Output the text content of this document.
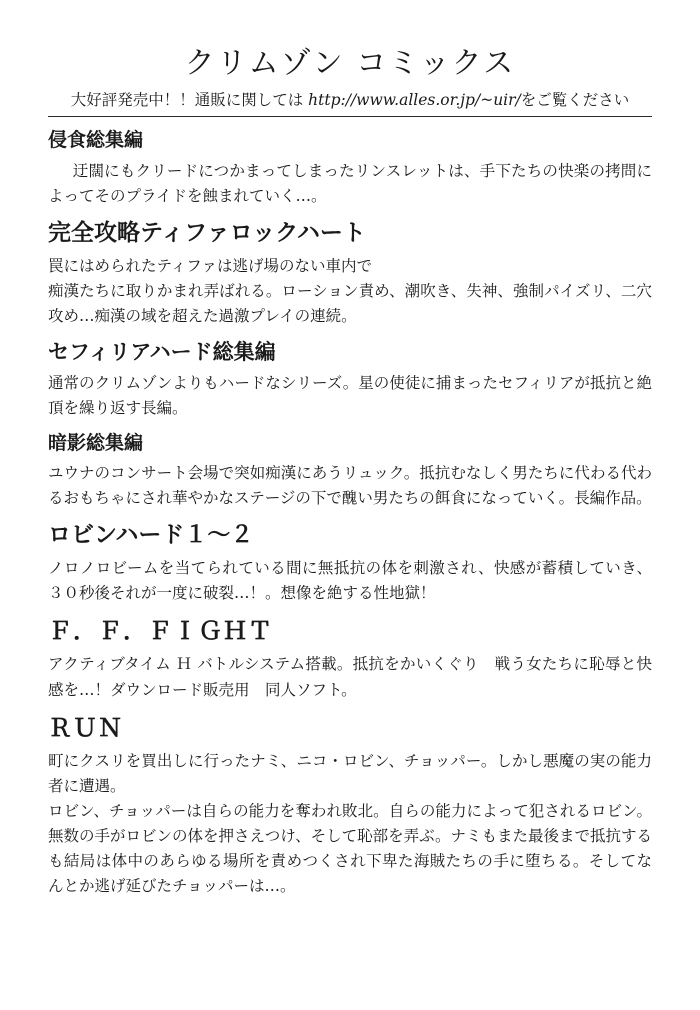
クリムゾン コミックス
大好評発売中！！通販に関しては http://www.alles.or.jp/~uir/をご覧ください
侵食総集編

迂闊にもクリードにつかまってしまったリンスレットは、手下たちの快楽の拷問によってそのプライドを蝕まれていく…。

完全攻略ティファロックハート

罠にはめられたティファは逃げ場のない車内で

痴漢たちに取りかまれ弄ばれる。ローション責め、潮吹き、失神、強制パイズリ、二穴攻め…痴漢の域を超えた過激プレイの連続。

セフィリアハード総集編

通常のクリムゾンよりもハードなシリーズ。星の使徒に捕まったセフィリアが抵抗と絶頂を繰り返す長編。

暗影総集編

ユウナのコンサート会場で突如痴漢にあうリュック。抵抗むなしく男たちに代わる代わるおもちゃにされ華やかなステージの下で醜い男たちの餌食になっていく。長編作品。

ロビンハード１〜２

ノロノロビームを当てられている間に無抵抗の体を刺激され、快感が蓄積していき、３０秒後それが一度に破裂…！。想像を絶する性地獄！

Ｆ．Ｆ．ＦＩＧＨＴ

アクティブタイム Ｈ バトルシステム搭載。抵抗をかいくぐり　戦う女たちに恥辱と快感を…！ダウンロード販売用　同人ソフト。

ＲＵＮ

町にクスリを買出しに行ったナミ、ニコ・ロビン、チョッパー。しかし悪魔の実の能力者に遭遇。

ロビン、チョッパーは自らの能力を奪われ敗北。自らの能力によって犯されるロビン。無数の手がロビンの体を押さえつけ、そして恥部を弄ぶ。ナミもまた最後まで抵抗するも結局は体中のあらゆる場所を責めつくされ下卑た海賊たちの手に堕ちる。そしてなんとか逃げ延びたチョッパーは…。
